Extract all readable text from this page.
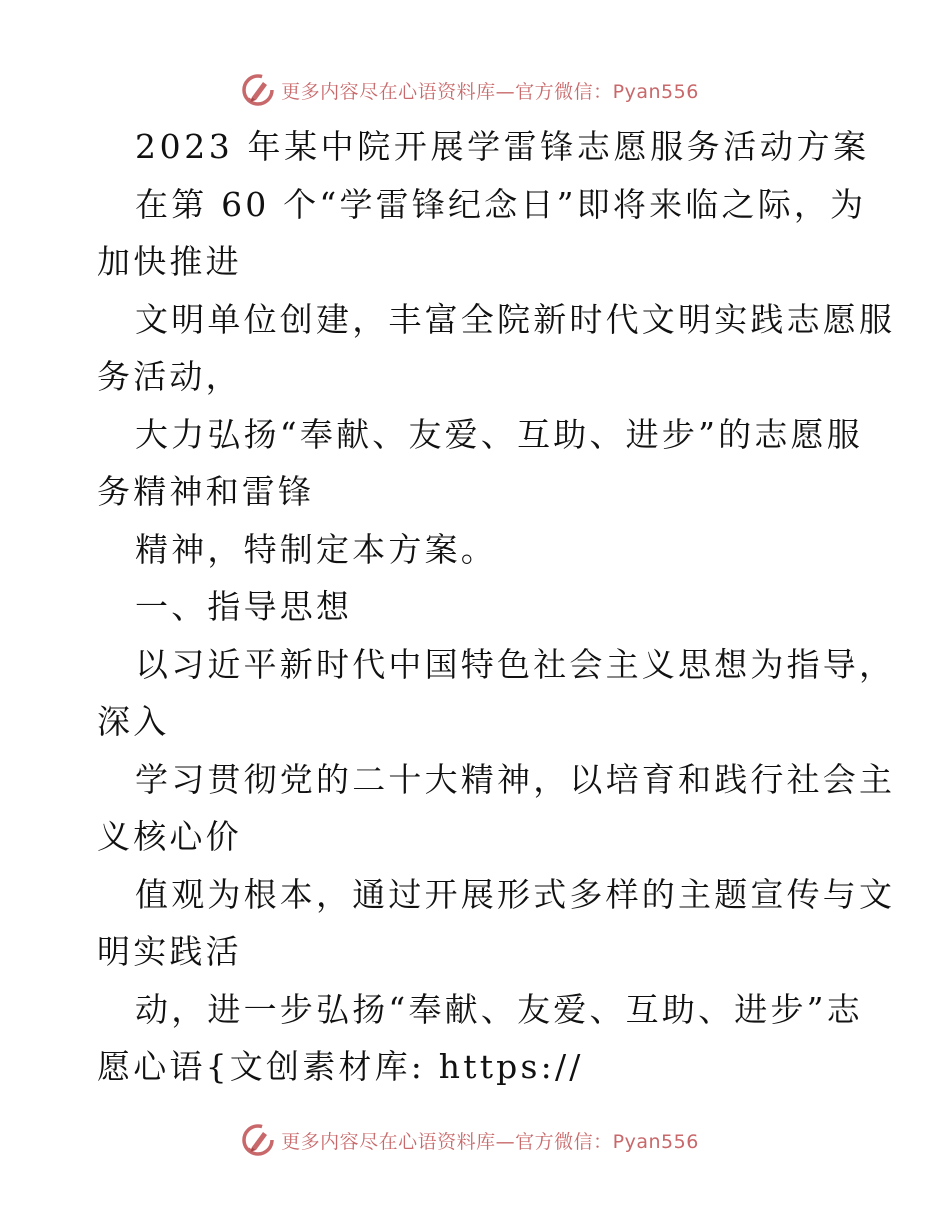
更多内容尽在心语资料库—官方微信：Pyan556
2023 年某中院开展学雷锋志愿服务活动方案
在第 60 个“学雷锋纪念日”即将来临之际，为
加快推进
文明单位创建，丰富全院新时代文明实践志愿服
务活动，
大力弘扬“奉献、友爱、互助、进步”的志愿服
务精神和雷锋
精神，特制定本方案。
一、指导思想
以习近平新时代中国特色社会主义思想为指导，
深入
学习贯彻党的二十大精神，以培育和践行社会主
义核心价
值观为根本，通过开展形式多样的主题宣传与文
明实践活
动，进一步弘扬“奉献、友爱、互助、进步”志
愿心语{文创素材库: https://
更多内容尽在心语资料库—官方微信：Pyan556
